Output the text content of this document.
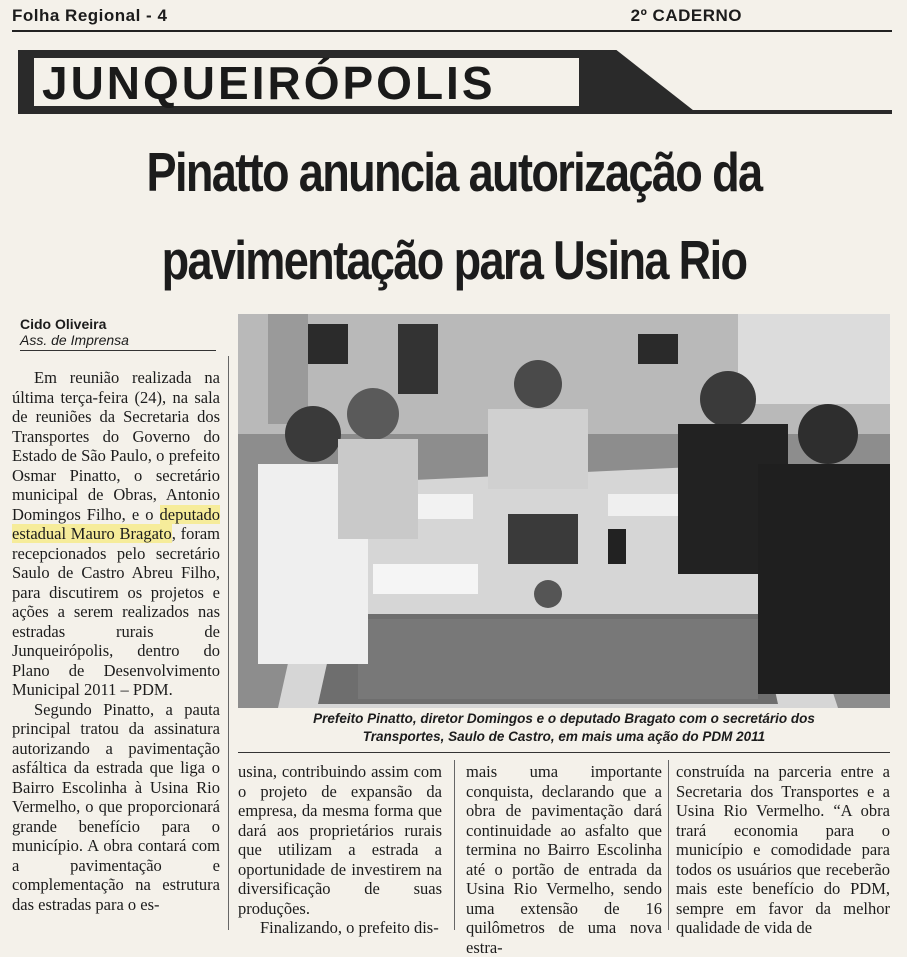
Folha Regional - 4	2º CADERNO
JUNQUEIRÓPOLIS
Pinatto anuncia autorização da
pavimentação para Usina Rio
Cido Oliveira
Ass. de Imprensa
Prefeito Pinatto, diretor Domingos e o deputado Bragato com o secretário dos
Transportes, Saulo de Castro, em mais uma ação do PDM 2011

Em reunião realizada na última terça-feira (24), na sala de reuniões da Secretaria dos Transportes do Governo do Estado de São Paulo, o prefeito Osmar Pinatto, o secretário municipal de Obras, Antonio Domingos Filho, e o deputado estadual Mauro Bragato, foram recepcionados pelo secretário Saulo de Castro Abreu Filho, para discutirem os projetos e ações a serem realizados nas estradas rurais de Junqueirópolis, dentro do Plano de Desenvolvimento Municipal 2011 – PDM.

Segundo Pinatto, a pauta principal tratou da assinatura autorizando a pavimentação asfáltica da estrada que liga o Bairro Escolinha à Usina Rio Vermelho, o que proporcionará grande benefício para o município. A obra contará com a pavimentação e complementação na estrutura das estradas para o es-

usina, contribuindo assim com o projeto de expansão da empresa, da mesma forma que dará aos proprietários rurais que utilizam a estrada a oportunidade de investirem na diversificação de suas produções.

Finalizando, o prefeito dis-

mais uma importante conquista, declarando que a obra de pavimentação dará continuidade ao asfalto que termina no Bairro Escolinha até o portão de entrada da Usina Rio Vermelho, sendo uma extensão de 16 quilômetros de uma nova estra-

construída na parceria entre a Secretaria dos Transportes e a Usina Rio Vermelho. “A obra trará economia para o município e comodidade para todos os usuários que receberão mais este benefício do PDM, sempre em favor da melhor qualidade de vida de
